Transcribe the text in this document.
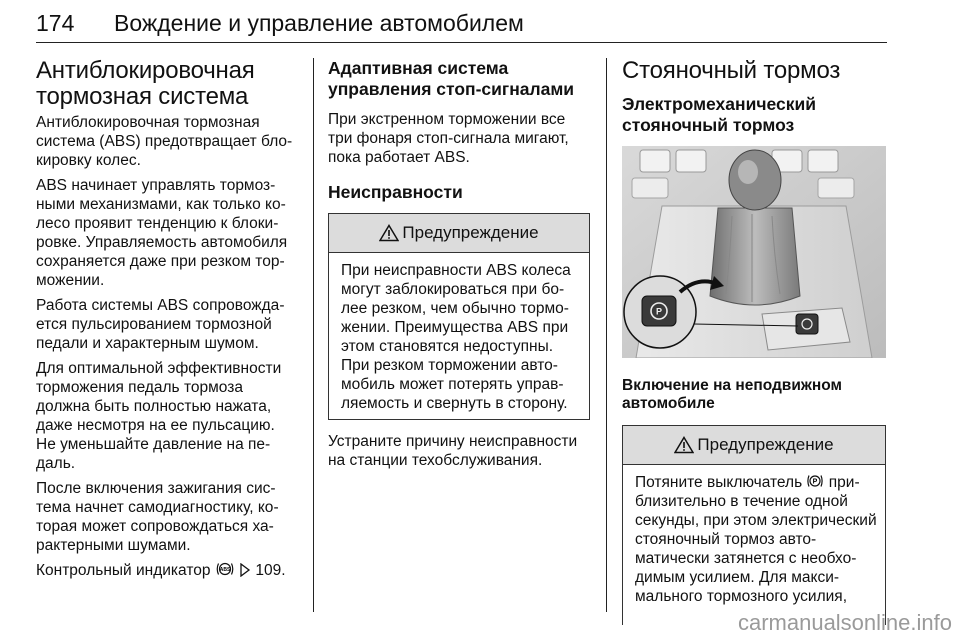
174 Вождение и управление автомобилем
Антиблокировочная тормозная система

Антиблокировочная тормозная система (ABS) предотвращает блокировку колес.

ABS начинает управлять тормозными механизмами, как только колесо проявит тенденцию к блокировке. Управляемость автомобиля сохраняется даже при резком торможении.

Работа системы ABS сопровождается пульсированием тормозной педали и характерным шумом.

Для оптимальной эффективности торможения педаль тормоза должна быть полностью нажата, даже несмотря на ее пульсацию. Не уменьшайте давление на педаль.

После включения зажигания система начнет самодиагностику, которая может сопровождаться характерными шумами.

Контрольный индикатор ABS 109.

Адаптивная система управления стоп-сигналами

При экстренном торможении все три фонаря стоп-сигнала мигают, пока работает ABS.

Неисправности
Предупреждение

При неисправности ABS колеса могут заблокироваться при более резком, чем обычно торможении. Преимущества ABS при этом становятся недоступны. При резком торможении автомобиль может потерять управляемость и свернуть в сторону.

Устраните причину неисправности на станции техобслуживания.

Стояночный тормоз
Электромеханический стояночный тормоз
P
Включение на неподвижном автомобиле
Предупреждение

Потяните выключатель P приблизительно в течение одной секунды, при этом электрический стояночный тормоз автоматически затянется с необходимым усилием. Для максимального тормозного усилия,

carmanualsonline.info
